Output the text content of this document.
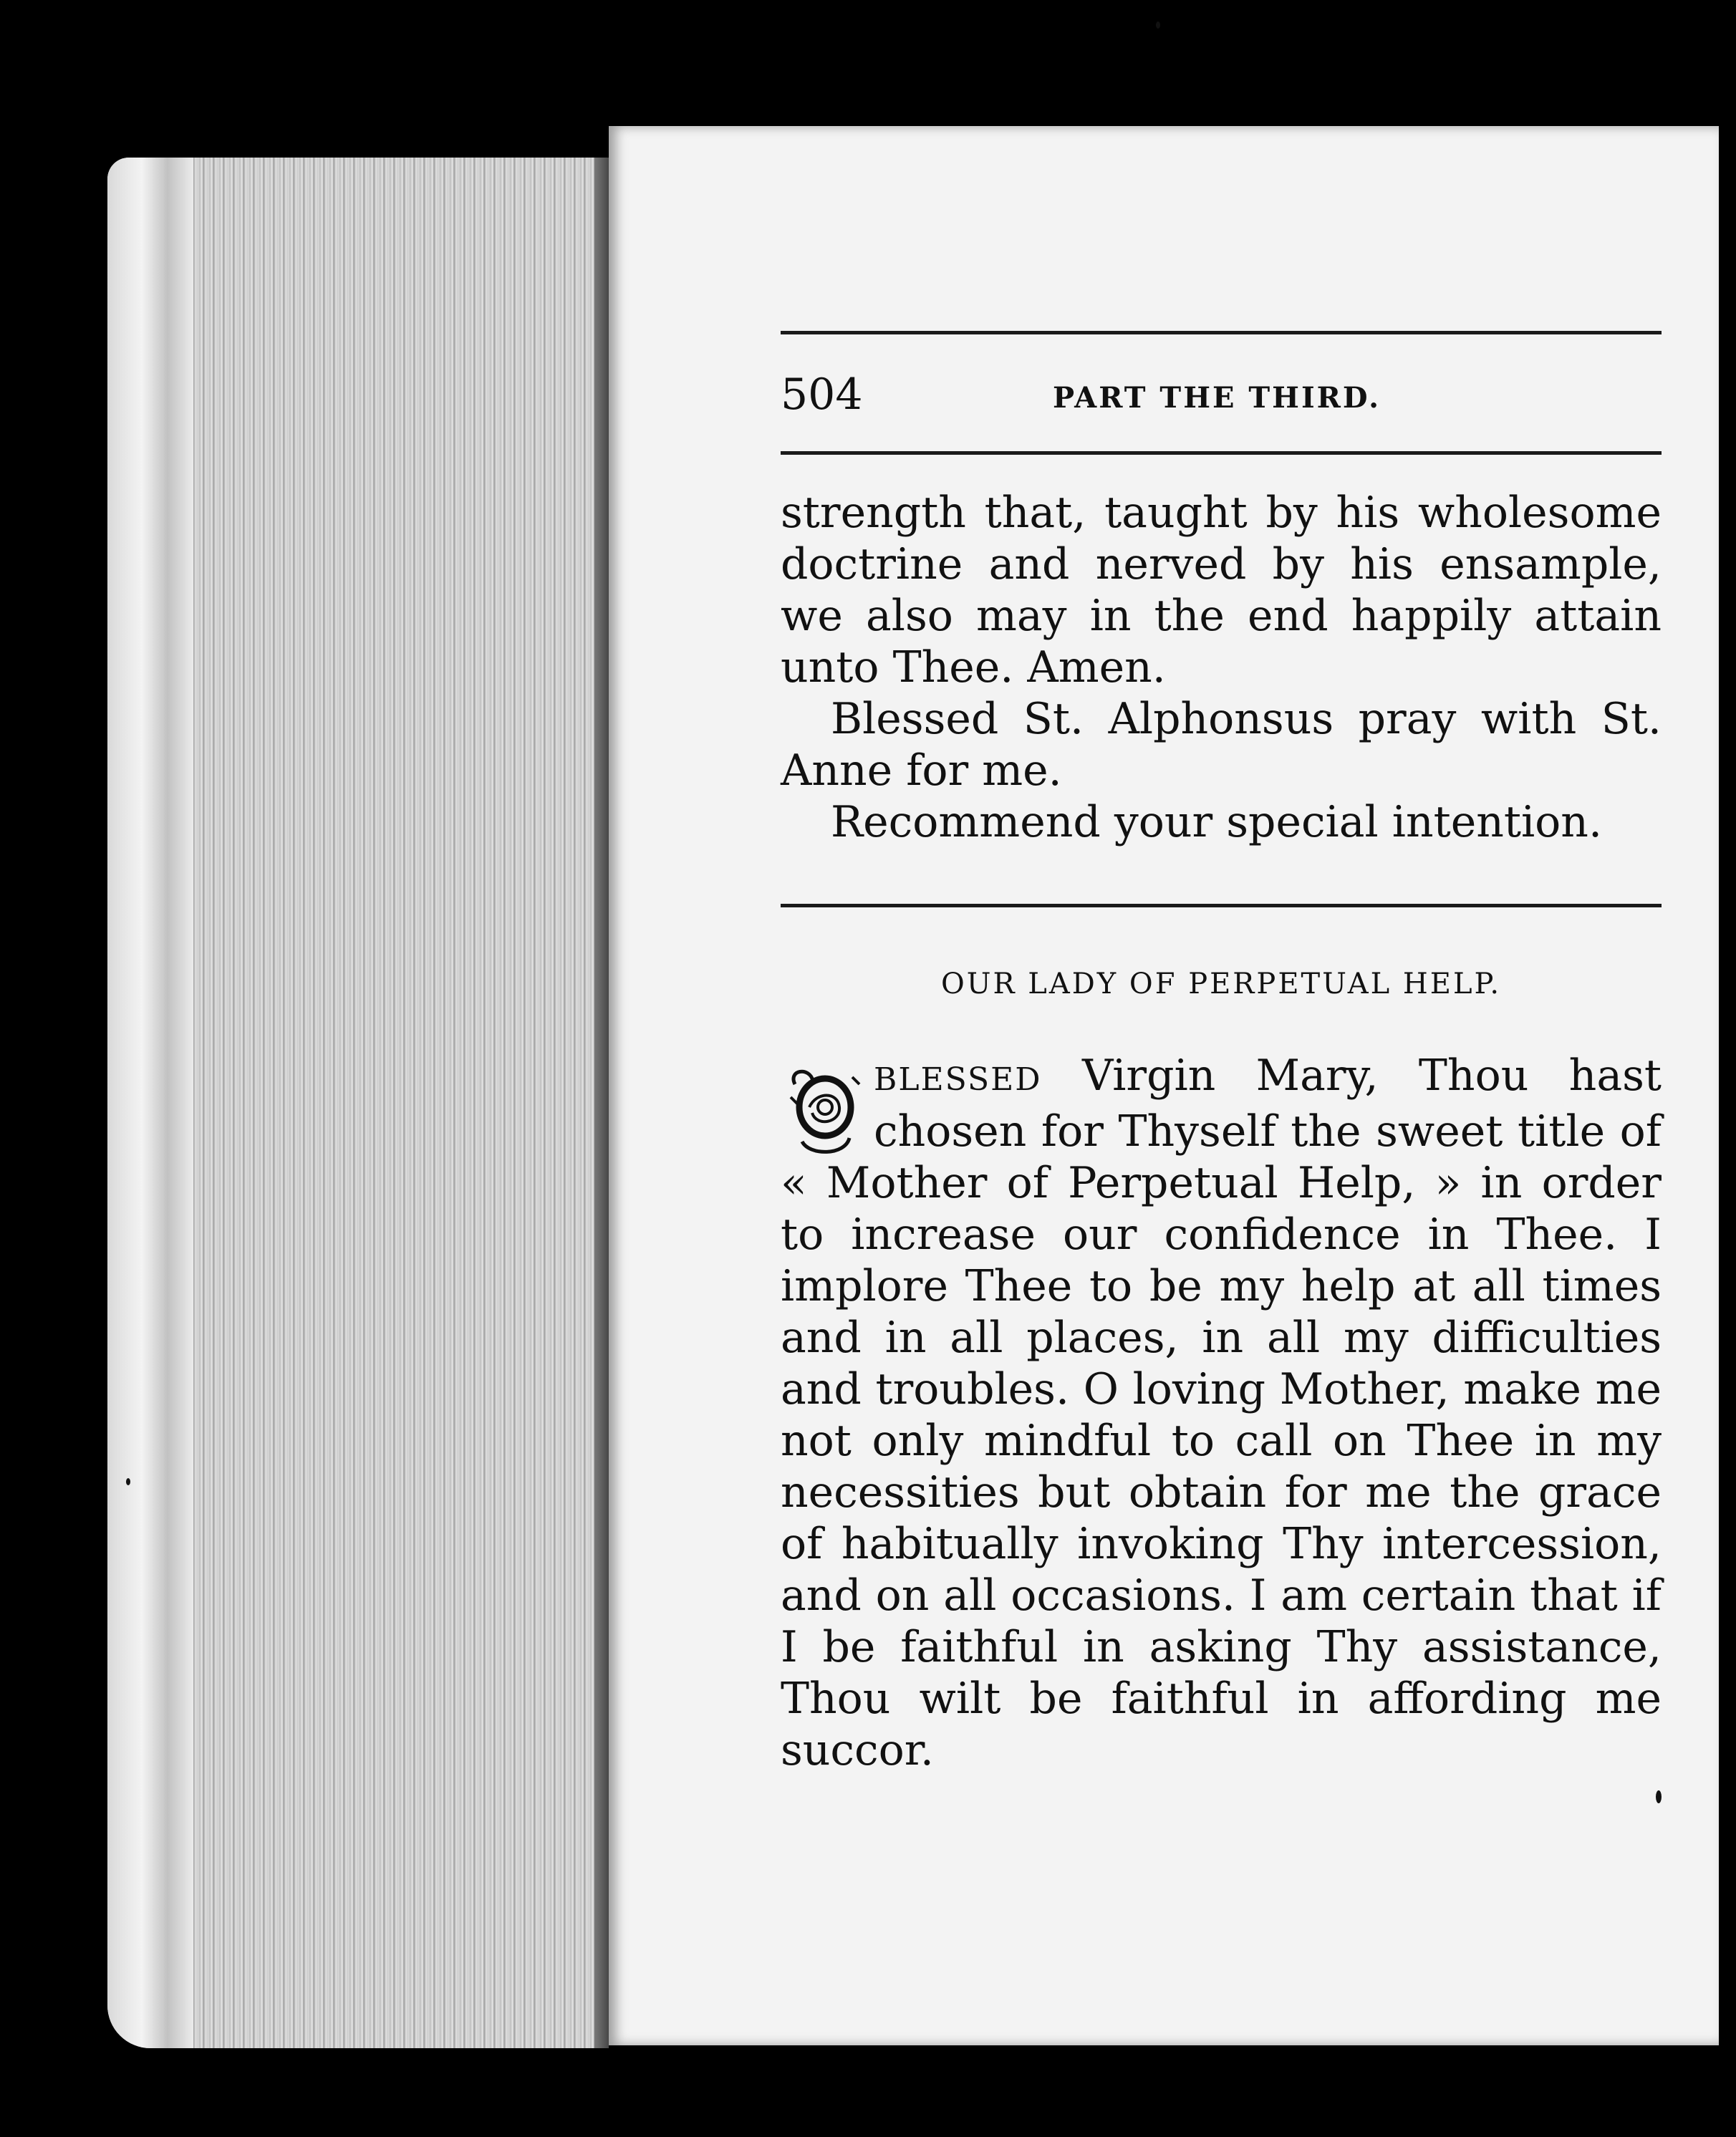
504	PART THE THIRD.

strength that, taught by his wholesome doctrine and nerved by his ensample, we also may in the end happily attain unto Thee. Amen.

Blessed St. Alphonsus pray with St. Anne for me.

Recommend your special intention.

OUR LADY OF PERPETUAL HELP.

BLESSED Virgin Mary, Thou hast chosen for Thyself the sweet title of « Mother of Perpetual Help, » in order to increase our confidence in Thee. I implore Thee to be my help at all times and in all places, in all my difficulties and troubles. O loving Mother, make me not only mindful to call on Thee in my necessities but obtain for me the grace of habitually invoking Thy intercession, and on all occasions. I am certain that if I be faithful in asking Thy assistance, Thou wilt be faithful in affording me succor.
